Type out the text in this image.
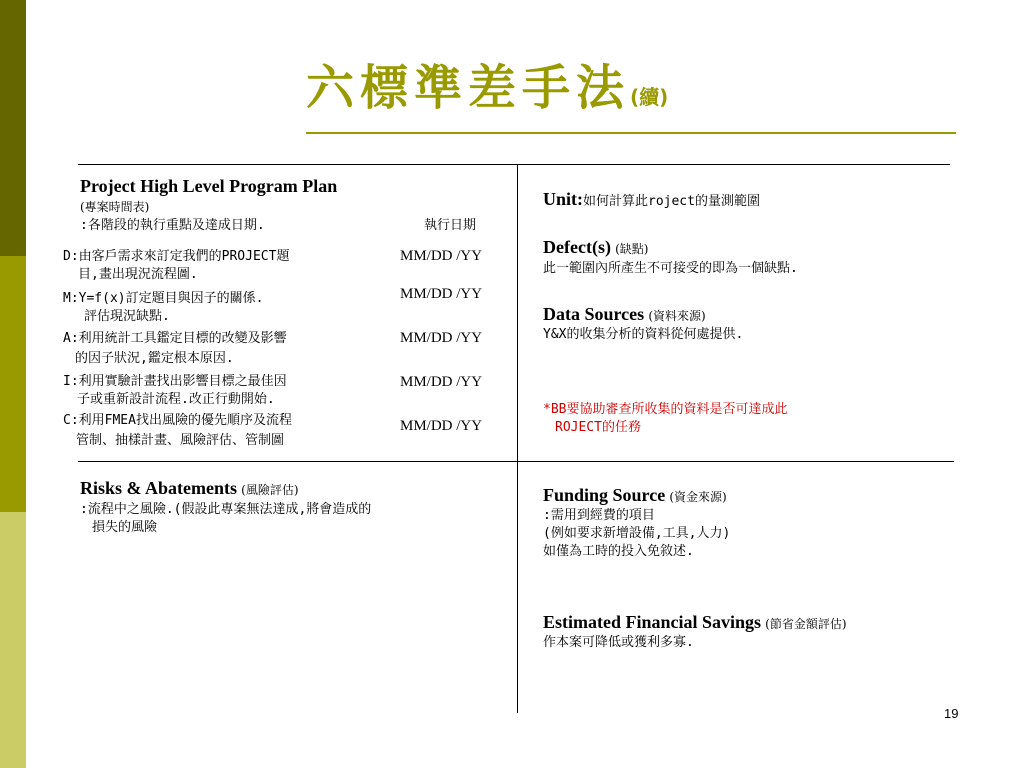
六標準差手法(續)
Project High Level Program Plan
(專案時間表)
:各階段的執行重點及達成日期.	執行日期
D:由客戶需求來訂定我們的PROJECT題
目,畫出現況流程圖.
MM/DD /YY
M:Y=f(x)訂定題目與因子的關係.
評估現況缺點.
MM/DD /YY
A:利用統計工具鑑定目標的改變及影響
的因子狀況,鑑定根本原因.
MM/DD /YY
I:利用實驗計畫找出影響目標之最佳因
子或重新設計流程.改正行動開始.
MM/DD /YY
C:利用FMEA找出風險的優先順序及流程
管制、抽樣計畫、風險評估、管制圖
MM/DD /YY
Unit:如何計算此roject的量測範圍
Defect(s) (缺點)
此一範圍內所產生不可接受的即為一個缺點.
Data Sources (資料來源)
Y&X的收集分析的資料從何處提供.
*BB要協助審查所收集的資料是否可達成此
ROJECT的任務
Risks & Abatements (風險評估)
:流程中之風險.(假設此專案無法達成,將會造成的
損失的風險
Funding Source (資金來源)
:需用到經費的項目
(例如要求新增設備,工具,人力)
如僅為工時的投入免敘述.
Estimated Financial Savings (節省金額評估)
作本案可降低或獲利多寡.
19
